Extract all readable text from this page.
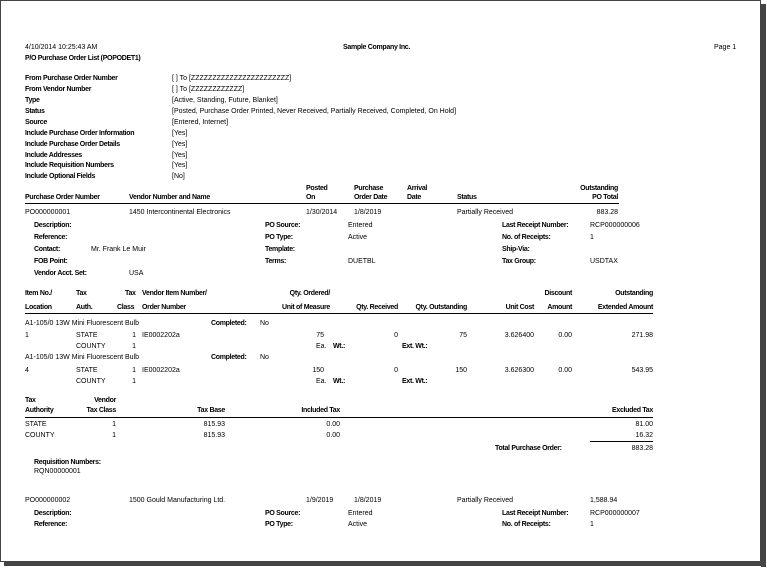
4/10/2014 10:25:43 AM	Sample Company Inc.	Page 1
P/O Purchase Order List (POPODET1)
From Purchase Order Number	[ ] To [ZZZZZZZZZZZZZZZZZZZZZZZ]
From Vendor Number	[ ] To [ZZZZZZZZZZZZ]
Type	[Active, Standing, Future, Blanket]
Status	[Posted, Purchase Order Printed, Never Received, Partially Received, Completed, On Hold]
Source	[Entered, Internet]
Include Purchase Order Information	[Yes]
Include Purchase Order Details	[Yes]
Include Addresses	[Yes]
Include Requisition Numbers	[Yes]
Include Optional Fields	[No]
Posted	Purchase	Arrival	Outstanding
Purchase Order Number	Vendor Number and Name	On	Order Date	Date	Status	PO Total
PO000000001	1450 Intercontinental Electronics	1/30/2014 1/8/2019	Partially Received	883.28
Description:	PO Source:	Entered	Last Receipt Number:	RCP000000006
Reference:	PO Type:	Active	No. of Receipts:	1
Contact:	Mr. Frank Le Muir	Template:	Ship-Via:
FOB Point:	Terms:	DUETBL	Tax Group:	USDTAX
Vendor Acct. Set:	USA
Item No./	Tax	Tax Vendor Item Number/	Qty. Ordered/	Discount	Outstanding
Location	Auth.	Class Order Number	Unit of Measure	Qty. Received	Qty. Outstanding	Unit Cost	Amount	Extended Amount
A1-105/0 13W Mini Fluorescent Bulb	Completed: No
1	STATE	1 IE0002202a	75	0	75	3.626400	0.00	271.98
COUNTY	1	Ea. Wt.:	Ext. Wt.:
A1-105/0 13W Mini Fluorescent Bulb	Completed: No
4	STATE	1 IE0002202a	150	0	150	3.626300	0.00	543.95
COUNTY	1	Ea. Wt.:	Ext. Wt.:
Tax	Vendor
Authority	Tax Class	Tax Base	Included Tax	Excluded Tax
STATE	1	815.93	0.00	81.00
COUNTY	1	815.93	0.00	16.32
Total Purchase Order:	883.28
Requisition Numbers:
RQN00000001
PO000000002	1500 Gould Manufacturing Ltd.	1/9/2019	1/8/2019	Partially Received	1,588.94
Description:	PO Source:	Entered	Last Receipt Number:	RCP000000007
Reference:	PO Type:	Active	No. of Receipts:	1
